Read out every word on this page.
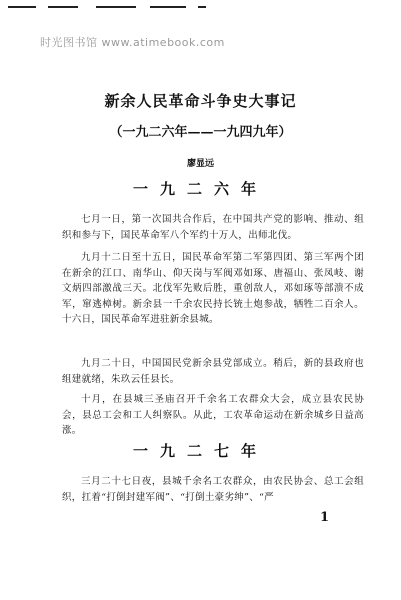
时光图书馆 www.atimebook.com
新余人民革命斗争史大事记
（一九二六年——一九四九年）
廖显远
一九二六年
七月一日，第一次国共合作后，在中国共产党的影响、推动、组织和参与下，国民革命军八个军约十万人，出师北伐。
九月十二日至十五日，国民革命军第二军第四团、第三军两个团在新余的江口、南华山、仰天岗与军阀邓如琢、唐福山、张凤岐、谢文炳四部激战三天。北伐军先败后胜，重创敌人，邓如琢等部溃不成军，窜逃樟树。新余县一千余农民持长铳土炮参战，牺牲二百余人。十六日，国民革命军进驻新余县城。
九月二十日，中国国民党新余县党部成立。稍后，新的县政府也组建就绪，朱玖云任县长。
十月，在县城三圣庙召开千余名工农群众大会，成立县农民协会，县总工会和工人纠察队。从此，工农革命运动在新余城乡日益高涨。
一九二七年
三月二十七日夜，县城千余名工农群众，由农民协会、总工会组织，扛着“打倒封建军阀”、“打倒土豪劣绅”、“严
1
